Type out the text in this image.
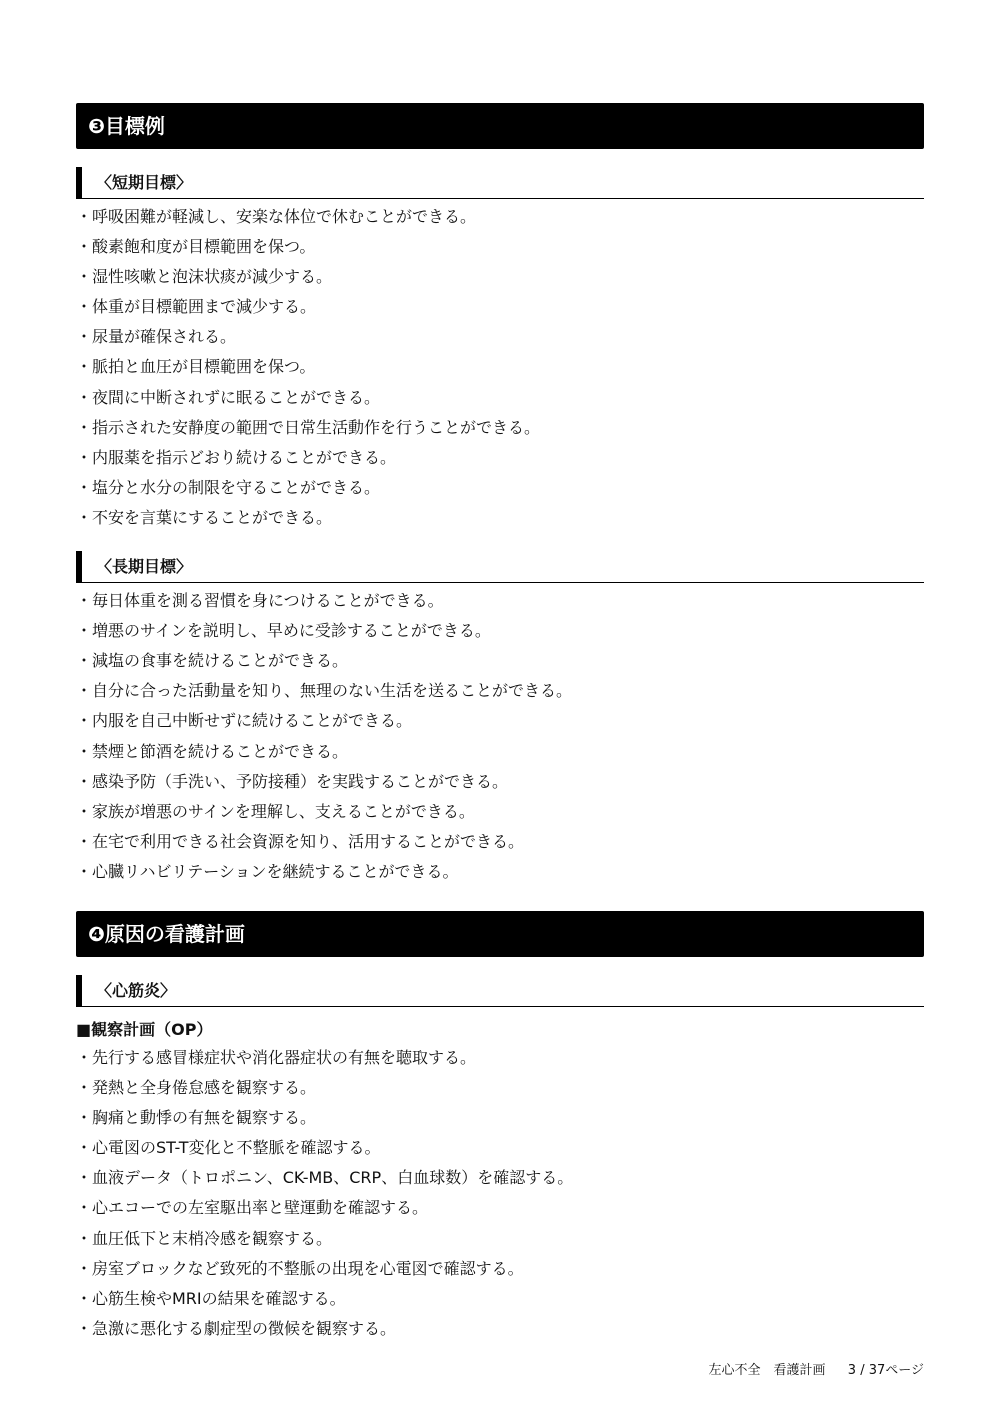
❸目標例
〈短期目標〉
・呼吸困難が軽減し、安楽な体位で休むことができる。
・酸素飽和度が目標範囲を保つ。
・湿性咳嗽と泡沫状痰が減少する。
・体重が目標範囲まで減少する。
・尿量が確保される。
・脈拍と血圧が目標範囲を保つ。
・夜間に中断されずに眠ることができる。
・指示された安静度の範囲で日常生活動作を行うことができる。
・内服薬を指示どおり続けることができる。
・塩分と水分の制限を守ることができる。
・不安を言葉にすることができる。
〈長期目標〉
・毎日体重を測る習慣を身につけることができる。
・増悪のサインを説明し、早めに受診することができる。
・減塩の食事を続けることができる。
・自分に合った活動量を知り、無理のない生活を送ることができる。
・内服を自己中断せずに続けることができる。
・禁煙と節酒を続けることができる。
・感染予防（手洗い、予防接種）を実践することができる。
・家族が増悪のサインを理解し、支えることができる。
・在宅で利用できる社会資源を知り、活用することができる。
・心臓リハビリテーションを継続することができる。
❹原因の看護計画
〈心筋炎〉
■観察計画（OP）
・先行する感冒様症状や消化器症状の有無を聴取する。
・発熱と全身倦怠感を観察する。
・胸痛と動悸の有無を観察する。
・心電図のST-T変化と不整脈を確認する。
・血液データ（トロポニン、CK-MB、CRP、白血球数）を確認する。
・心エコーでの左室駆出率と壁運動を確認する。
・血圧低下と末梢冷感を観察する。
・房室ブロックなど致死的不整脈の出現を心電図で確認する。
・心筋生検やMRIの結果を確認する。
・急激に悪化する劇症型の徴候を観察する。
左心不全　看護計画 3 / 37ページ
